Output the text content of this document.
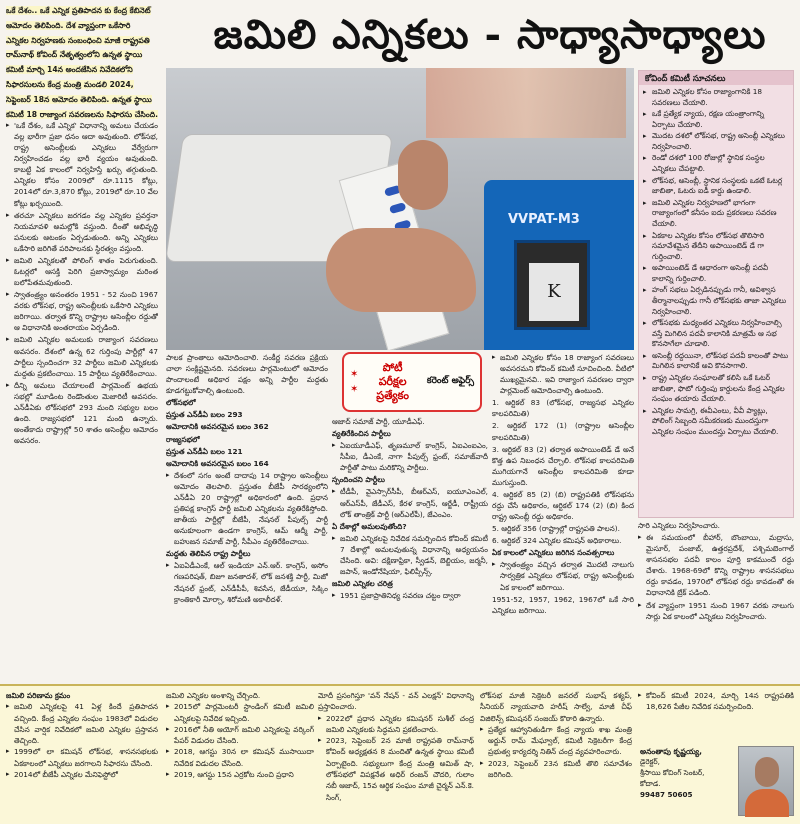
ఒకే దేశం.. ఒకే ఎన్నిక ప్రతిపాదన కు కేంద్ర కేబినెట్
ఆమోదం తెలిపింది. దేశ వ్యాప్తంగా ఒకేసారి
ఎన్నికల నిర్వహణకు సంబంధించి మాజీ రాష్ట్రపతి
రామ్‌నాథ్ కోవింద్ నేతృత్వంలోని ఉన్నత స్థాయి
కమిటీ మార్చి 14న అందజేసిన నివేదికలోని
సిఫారసులను కేంద్ర మంత్రి మండలి 2024,
సెప్టెంబర్ 18న ఆమోదం తెలిపింది. ఉన్నత స్థాయి
కమిటీ 18 రాజ్యాంగ సవరణలను సిఫారసు చేసింది.
జమిలి ఎన్నికలు - సాధ్యాసాధ్యాలు
VVPAT-M3
K
కోవింద్ కమిటీ సూచనలు
▸ జమిలి ఎన్నికల కోసం రాజ్యాంగానికి 18 సవరణలు చేయాలి.
▸ ఒకే ప్రత్యేక న్యాయ, రక్షణ యంత్రాంగాన్ని ఏర్పాటు చేయాలి.
▸ మొదట దశలో లోక్‌సభ, రాష్ట్ర అసెంబ్లీ ఎన్నికలు నిర్వహించాలి.
▸ రెండో దశలో 100 రోజుల్లో స్థానిక సంస్థల ఎన్నికలు చేపట్టాలి.
▸ లోక్‌సభ, అసెంబ్లీ, స్థానిక సంస్థలకు ఒకటే ఓటర్ల జాబితా, ఓటరు ఐడీ కార్డు ఉండాలి.
▸ జమిలి ఎన్నికల నిర్వహణలో భాగంగా రాజ్యాంగంలో కనీసం ఐదు ప్రకరణలు సవరణ చేయాలి.
▸ ఏకకాల ఎన్నికల కోసం లోక్‌సభ తొలిసారి సమావేశమైన తేదీని అపాయింటెడ్ డే గా గుర్తించాలి.
▸ అపాయింటెడ్ డే ఆధారంగా అసెంబ్లీ పదవీ కాలాన్ని గుర్తించాలి.
▸ హంగ్ సభలు ఏర్పడినప్పుడు గానీ, అవిశ్వాస తీర్మానాలప్పుడు గానీ లోక్‌సభకు తాజా ఎన్నికలు నిర్వహించాలి.
▸ లోక్‌సభకు మధ్యంతర ఎన్నికలు నిర్వహించాల్సి వస్తే మిగిలిన పదవీ కాలానికి మాత్రమే ఆ సభ కొనసాగేలా చూడాలి.
▸ అసెంబ్లీ రద్దయినా, లోక్‌సభ పదవీ కాలంతో పాటు మిగిలిన కాలానికే అవి కొనసాగాలి.
▸ రాష్ట్ర ఎన్నికల సంఘాలతో కలిసి ఒకే ఓటర్ జాబితా, ఫొటో గుర్తింపు కార్డులను కేంద్ర ఎన్నికల సంఘం తయారు చేయాలి.
▸ ఎన్నికల సామగ్రి, ఈవీఎంలు, వీవీ ప్యాట్లు, పోలింగ్ సిబ్బంది సమీకరణకు ముందస్తుగా ఎన్నికల సంఘం ముందస్తు ఏర్పాటు చేయాలి.

▸ 'ఒకే దేశం, ఒకే ఎన్నిక' విధానాన్ని అమలు చేయడం వల్ల భారీగా ప్రజా ధనం ఆదా అవుతుంది. లోక్‌సభ, రాష్ట్ర అసెంబ్లీలకు ఎన్నికలు వేర్వేరుగా నిర్వహించడం వల్ల భారీ వ్యయం అవుతుంది. కాబట్టి ఏక కాలంలో నిర్వహిస్తే ఖర్చు తగ్గుతుంది. ఎన్నికల కోసం 2009లో రూ.1115 కోట్లు, 2014లో రూ.3,870 కోట్లు, 2019లో రూ.10 వేల కోట్లు ఖర్చయింది.

▸ తరచూ ఎన్నికలు జరగడం వల్ల ఎన్నికల ప్రవర్తనా నియమావళి అమల్లోకి వస్తుంది. దీంతో అభివృద్ధి పనులకు ఆటంకం ఏర్పడుతుంది. అన్ని ఎన్నికలు ఒకేసారి జరిగితే పరిపాలనకు స్థిరత్వం వస్తుంది.

▸ జమిలి ఎన్నికలతో పోలింగ్ శాతం పెరుగుతుంది. ఓటర్లలో ఆసక్తి పెరిగి ప్రజాస్వామ్యం మరింత బలోపేతమవుతుంది.

▸ స్వాతంత్ర్యం అనంతరం 1951 - 52 నుంచి 1967 వరకు లోక్‌సభ, రాష్ట్ర అసెంబ్లీలకు ఒకేసారి ఎన్నికలు జరిగాయి. తర్వాత కొన్ని రాష్ట్రాల అసెంబ్లీల రద్దుతో ఆ విధానానికి అంతరాయం ఏర్పడింది.

▸ జమిలి ఎన్నికల అమలుకు రాజ్యాంగ సవరణలు అవసరం. దేశంలో ఉన్న 62 గుర్తింపు పార్టీల్లో 47 పార్టీలు స్పందించగా 32 పార్టీలు జమిలి ఎన్నికలకు మద్దతు ప్రకటించాయి. 15 పార్టీలు వ్యతిరేకించాయి.

▸ దీన్ని అమలు చేయాలంటే పార్లమెంట్ ఉభయ సభల్లో మూడింట రెండొంతుల మెజారిటీ అవసరం. ఎన్‌డీఏకు లోక్‌సభలో 293 మంది సభ్యుల బలం ఉంది. రాజ్యసభలో 121 మంది ఉన్నారు. అంతేకాదు రాష్ట్రాల్లో 50 శాతం అసెంబ్లీల ఆమోదం అవసరం.

పాలక ప్రాంతాలు ఆమోదించాలి. సంకీర్ణ సవరణ ప్రక్రియ చాలా సంక్లిష్టమైనది. సవరణలు పార్లమెంటులో ఆమోదం పొందాలంటే అధికార పక్షం అన్ని పార్టీల మద్దతు కూడగట్టుకోవాల్సి ఉంటుంది.

లోక్‌సభలో

ప్రస్తుత ఎన్‌డీఏ బలం 293

ఆమోదానికి అవసరమైన బలం 362

రాజ్యసభలో

ప్రస్తుత ఎన్‌డీఏ బలం 121

ఆమోదానికి అవసరమైన బలం 164

▸ దేశంలో సగం అంటే దాదాపు 14 రాష్ట్రాల అసెంబ్లీలు ఆమోదం తెలపాలి. ప్రస్తుతం బీజేపీ సారథ్యంలోని ఎన్‌డీఏ 20 రాష్ట్రాల్లో అధికారంలో ఉంది. ప్రధాన ప్రతిపక్ష కాంగ్రెస్ పార్టీ జమిలి ఎన్నికలను వ్యతిరేకిస్తోంది. జాతీయ పార్టీల్లో బీజేపీ, నేషనల్ పీపుల్స్ పార్టీ అనుకూలంగా ఉండగా కాంగ్రెస్, ఆమ్ ఆద్మీ పార్టీ, బహుజన సమాజ్ పార్టీ, సీపీఎం వ్యతిరేకించాయి.

మద్దతు తెలిపిన రాష్ట్ర పార్టీలు

▸ ఏఐఏడీఎంకే, ఆల్ ఇండియా ఎన్.ఆర్. కాంగ్రెస్, అసోం గణపరిషత్, బిజూ జనతాదళ్, లోక్ జనశక్తి పార్టీ, మిజో నేషనల్ ఫ్రంట్, ఎన్‌డీపీపీ, శివసేన, జేడీయూ, సిక్కిం క్రాంతికారీ మోర్చా, శిరోమణి అకాలీదళ్.

ఆజాద్ సమాజ్ పార్టీ, యూడీఎఫ్.

వ్యతిరేకించిన పార్టీలు

▸ ఏఐయూడీఎఫ్, తృణమూల్ కాంగ్రెస్, ఏఐఎంఐఎం, సీపీఐ, డీఎంకే, నాగా పీపుల్స్ ఫ్రంట్, సమాజ్‌వాదీ పార్టీతో పాటు మరికొన్ని పార్టీలు.

స్పందించని పార్టీలు

▸ టీడీపీ, వైఎస్సార్‌సీపీ, బీఆర్ఎస్, ఐయూఎంఎల్, ఆర్ఎస్‌పీ, జేడీఎస్, కేరళ కాంగ్రెస్, ఆర్జేడీ, రాష్ట్రీయ లోక్ తాంత్రిక్ పార్టీ (ఆర్ఎల్‌పీ), జేఎంఎం.

ఏ దేశాల్లో అమలవుతోంది?

▸ జమిలి ఎన్నికలపై నివేదిక సమర్పించిన కోవింద్ కమిటీ 7 దేశాల్లో అమలవుతున్న విధానాన్ని అధ్యయనం చేసింది. అవి: దక్షిణాఫ్రికా, స్వీడన్, బెల్జియం, జర్మనీ, జపాన్, ఇండోనేషియా, ఫిలిప్పీన్స్.

జమిలి ఎన్నికల చరిత్ర

▸ 1951 ప్రజాప్రాతినిధ్య సవరణ చట్టం ద్వారా

▸ జమిలి ఎన్నికల కోసం 18 రాజ్యాంగ సవరణలు అవసరమని కోవింద్ కమిటీ సూచించింది. వీటిలో ముఖ్యమైనవి.. ఇవి రాజ్యాంగ సవరణల ద్వారా పార్లమెంట్ ఆమోదించాల్సి ఉంటుంది.

1. ఆర్టికల్ 83 (లోక్‌సభ, రాజ్యసభ ఎన్నికల కాలపరిమితి)

2. ఆర్టికల్ 172 (1) (రాష్ట్రాల అసెంబ్లీల కాలపరిమితి)

3. ఆర్టికల్ 83 (2) తర్వాత అపాయింటెడ్ డే అనే కొత్త ఉప నిబంధన చేర్చాలి. లోక్‌సభ కాలపరిమితి ముగియగానే అసెంబ్లీల కాలపరిమితి కూడా ముగుస్తుంది.

4. ఆర్టికల్ 85 (2) (బి) రాష్ట్రపతికి లోక్‌సభను రద్దు చేసే అధికారం, ఆర్టికల్ 174 (2) (బి) కింద రాష్ట్ర అసెంబ్లీ రద్దు అధికారం.

5. ఆర్టికల్ 356 (రాష్ట్రాల్లో రాష్ట్రపతి పాలన).

6. ఆర్టికల్ 324 ఎన్నికల కమిషన్ అధికారాలు.

ఏక కాలంలో ఎన్నికలు జరిగిన సంవత్సరాలు

▸ స్వాతంత్ర్యం వచ్చిన తర్వాత మొదటి నాలుగు సార్వత్రిక ఎన్నికలు లోక్‌సభ, రాష్ట్ర అసెంబ్లీలకు ఏక కాలంలో జరిగాయి.

1951-52, 1957, 1962, 1967లో ఒకే సారి ఎన్నికలు జరిగాయి.

సారి ఎన్నికలు నిర్వహించారు.

▸ ఈ సమయంలో బీహార్, బొంబాయి, మద్రాసు, మైసూర్, పంజాబ్, ఉత్తరప్రదేశ్, పశ్చిమబెంగాల్ శాసనసభల పదవీ కాలం పూర్తి కాకముందే రద్దు చేశారు. 1968-69లో కొన్ని రాష్ట్రాల శాసనసభలు రద్దు కావడం, 1970లో లోక్‌సభ రద్దు కావడంతో ఈ విధానానికి బ్రేక్ పడింది.

▸ దేశ వ్యాప్తంగా 1951 నుంచి 1967 వరకు నాలుగు సార్లు ఏక కాలంలో ఎన్నికలు నిర్వహించారు.

✶
✶
పోటీ
పరీక్షల
ప్రత్యేకం
కరెంట్ అఫైర్స్

జమిలి పరిణామ క్రమం

▸ జమిలి ఎన్నికలపై 41 ఏళ్ల కిందే ప్రతిపాదన వచ్చింది. కేంద్ర ఎన్నికల సంఘం 1983లో విడుదల చేసిన వార్షిక నివేదికలో జమిలి ఎన్నికల ప్రస్తావన తెచ్చింది.

▸ 1999లో లా కమిషన్ లోక్‌సభ, శాసనసభలకు ఏకకాలంలో ఎన్నికలు జరగాలని సిఫారసు చేసింది.

▸ 2014లో బీజేపీ ఎన్నికల మేనిఫెస్టోలో

జమిలి ఎన్నికల అంశాన్ని చేర్చింది.

▸ 2015లో పార్లమెంటరీ స్టాండింగ్ కమిటీ జమిలి ఎన్నికలపై నివేదిక ఇచ్చింది.

▸ 2016లో నీతి ఆయోగ్ జమిలి ఎన్నికలపై వర్కింగ్ పేపర్ విడుదల చేసింది.

▸ 2018, ఆగస్టు 30న లా కమిషన్ ముసాయిదా నివేదిక విడుదల చేసింది.

▸ 2019, ఆగస్టు 15న ఎర్రకోట నుంచి ప్రధాని

మోదీ ప్రసంగిస్తూ 'వన్ నేషన్ - వన్ ఎలక్షన్' విధానాన్ని ప్రస్తావించారు.

▸ 2022లో ప్రధాన ఎన్నికల కమిషనర్ సుశీల్ చంద్ర జమిలి ఎన్నికలకు సిద్ధమని ప్రకటించారు.

▸ 2023, సెప్టెంబర్ 2న మాజీ రాష్ట్రపతి రామ్‌నాథ్ కోవింద్ అధ్యక్షతన 8 మందితో ఉన్నత స్థాయి కమిటీ ఏర్పాటైంది. సభ్యులుగా కేంద్ర మంత్రి అమిత్ షా, లోక్‌సభలో విపక్షనేత అధిర్ రంజన్ చౌదరి, గులాం నబీ ఆజాద్, 15వ ఆర్థిక సంఘం మాజీ చైర్మన్ ఎన్.కె. సింగ్,

లోక్‌సభ మాజీ సెక్రెటరీ జనరల్ సుభాష్ కశ్యప్, సీనియర్ న్యాయవాది హరీష్ సాల్వే, మాజీ చీఫ్ విజిలెన్స్ కమిషనర్ సంజయ్ కొఠారి ఉన్నారు.

▸ ప్రత్యేక ఆహ్వానితుడిగా కేంద్ర న్యాయ శాఖ మంత్రి అర్జున్ రామ్ మేఘ్వాల్, కమిటీ సెక్రెటరీగా కేంద్ర ప్రభుత్వ కార్యదర్శి నితిన్ చంద్ర వ్యవహరించారు.

▸ 2023, సెప్టెంబర్ 23న కమిటీ తొలి సమావేశం జరిగింది.

▸ కోవింద్ కమిటీ 2024, మార్చి 14న రాష్ట్రపతికి 18,626 పేజీల నివేదిక సమర్పించింది.

అనంతాపు కృష్ణయ్య,
డైరెక్టర్,
శ్రీసాయి కోచింగ్ సెంటర్,
కోదాడ.
99487 50605
